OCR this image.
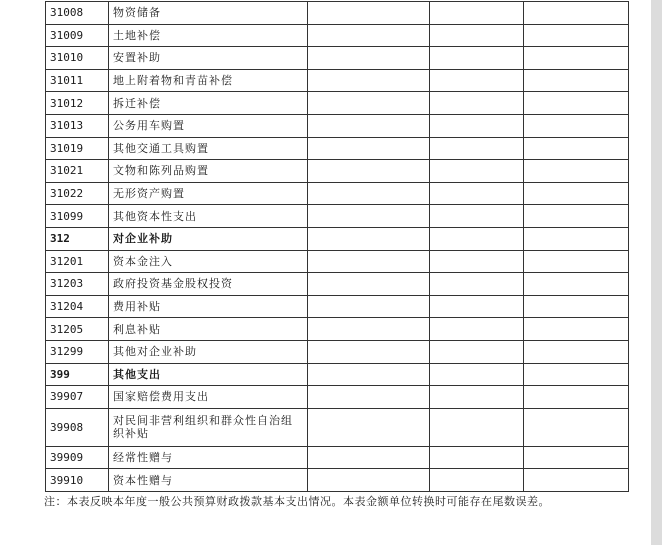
31008	物资储备			
31009	土地补偿			
31010	安置补助			
31011	地上附着物和青苗补偿			
31012	拆迁补偿			
31013	公务用车购置			
31019	其他交通工具购置			
31021	文物和陈列品购置			
31022	无形资产购置			
31099	其他资本性支出			
312	对企业补助			
31201	资本金注入			
31203	政府投资基金股权投资			
31204	费用补贴			
31205	利息补贴			
31299	其他对企业补助			
399	其他支出			
39907	国家赔偿费用支出			
39908	对民间非营利组织和群众性自治组织补贴			
39909	经常性赠与			
39910	资本性赠与			
注：本表反映本年度一般公共预算财政拨款基本支出情况。本表金额单位转换时可能存在尾数误差。
